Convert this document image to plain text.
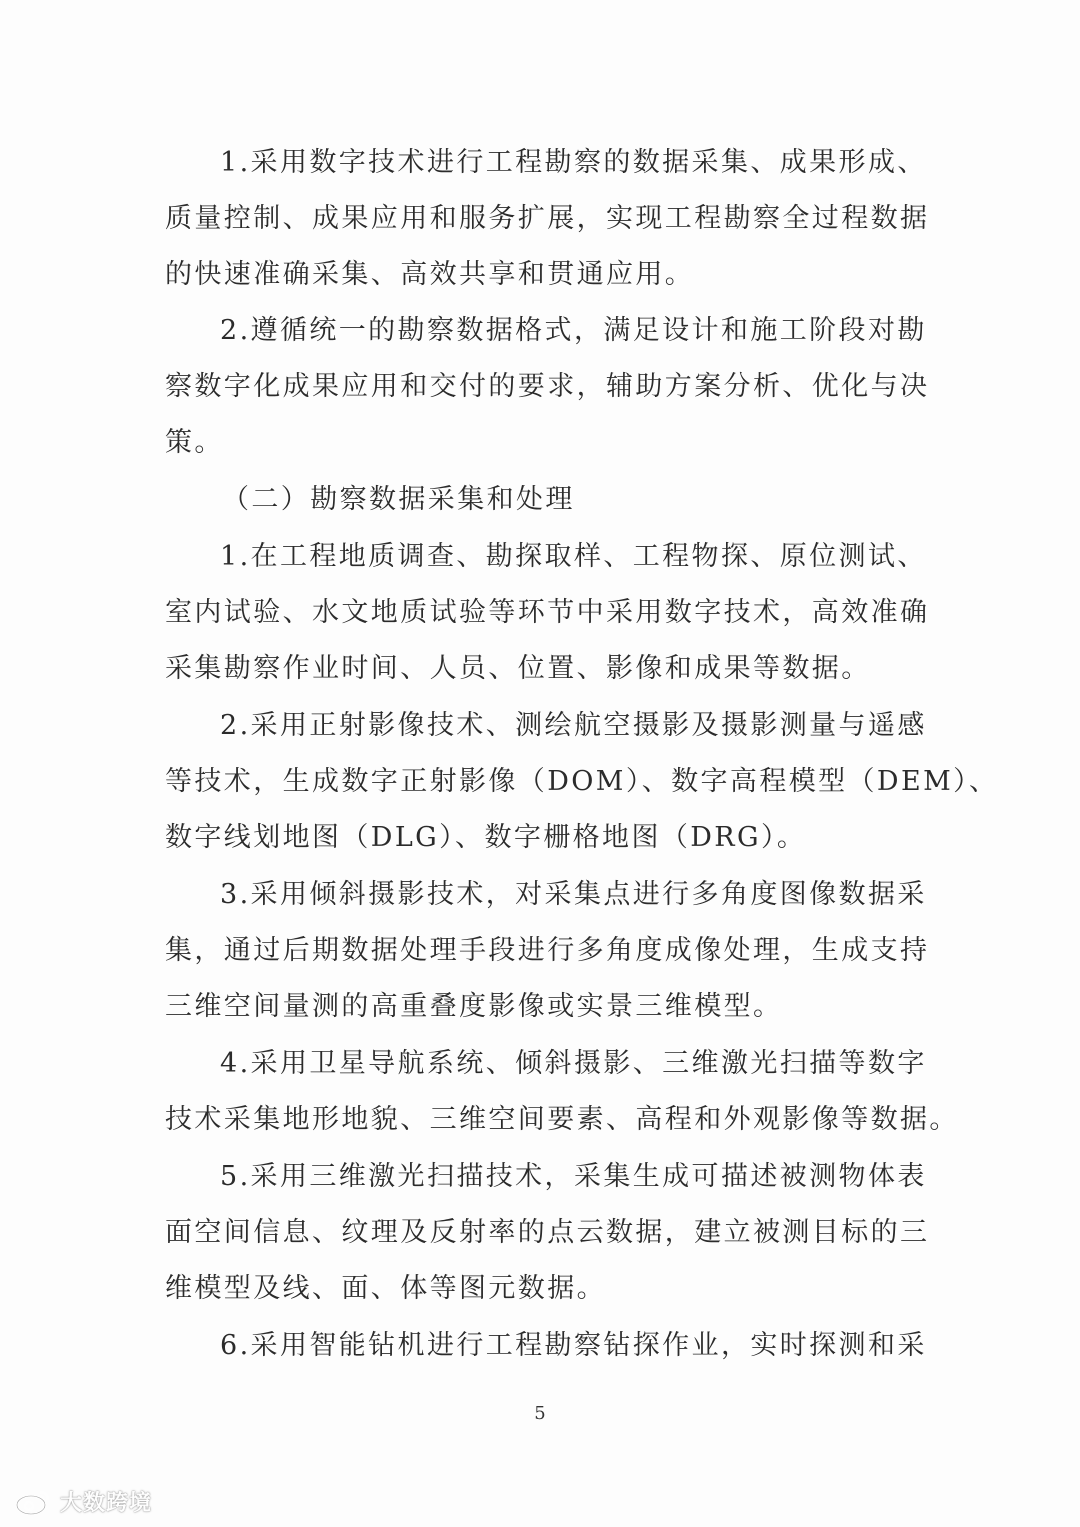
1.采用数字技术进行工程勘察的数据采集、成果形成、
质量控制、成果应用和服务扩展，实现工程勘察全过程数据
的快速准确采集、高效共享和贯通应用。
2.遵循统一的勘察数据格式，满足设计和施工阶段对勘
察数字化成果应用和交付的要求，辅助方案分析、优化与决
策。
（二）勘察数据采集和处理
1.在工程地质调查、勘探取样、工程物探、原位测试、
室内试验、水文地质试验等环节中采用数字技术，高效准确
采集勘察作业时间、人员、位置、影像和成果等数据。
2.采用正射影像技术、测绘航空摄影及摄影测量与遥感
等技术，生成数字正射影像（DOM）、数字高程模型（DEM）、
数字线划地图（DLG）、数字栅格地图（DRG）。
3.采用倾斜摄影技术，对采集点进行多角度图像数据采
集，通过后期数据处理手段进行多角度成像处理，生成支持
三维空间量测的高重叠度影像或实景三维模型。
4.采用卫星导航系统、倾斜摄影、三维激光扫描等数字
技术采集地形地貌、三维空间要素、高程和外观影像等数据。
5.采用三维激光扫描技术，采集生成可描述被测物体表
面空间信息、纹理及反射率的点云数据，建立被测目标的三
维模型及线、面、体等图元数据。
6.采用智能钻机进行工程勘察钻探作业，实时探测和采
5
大数跨境
